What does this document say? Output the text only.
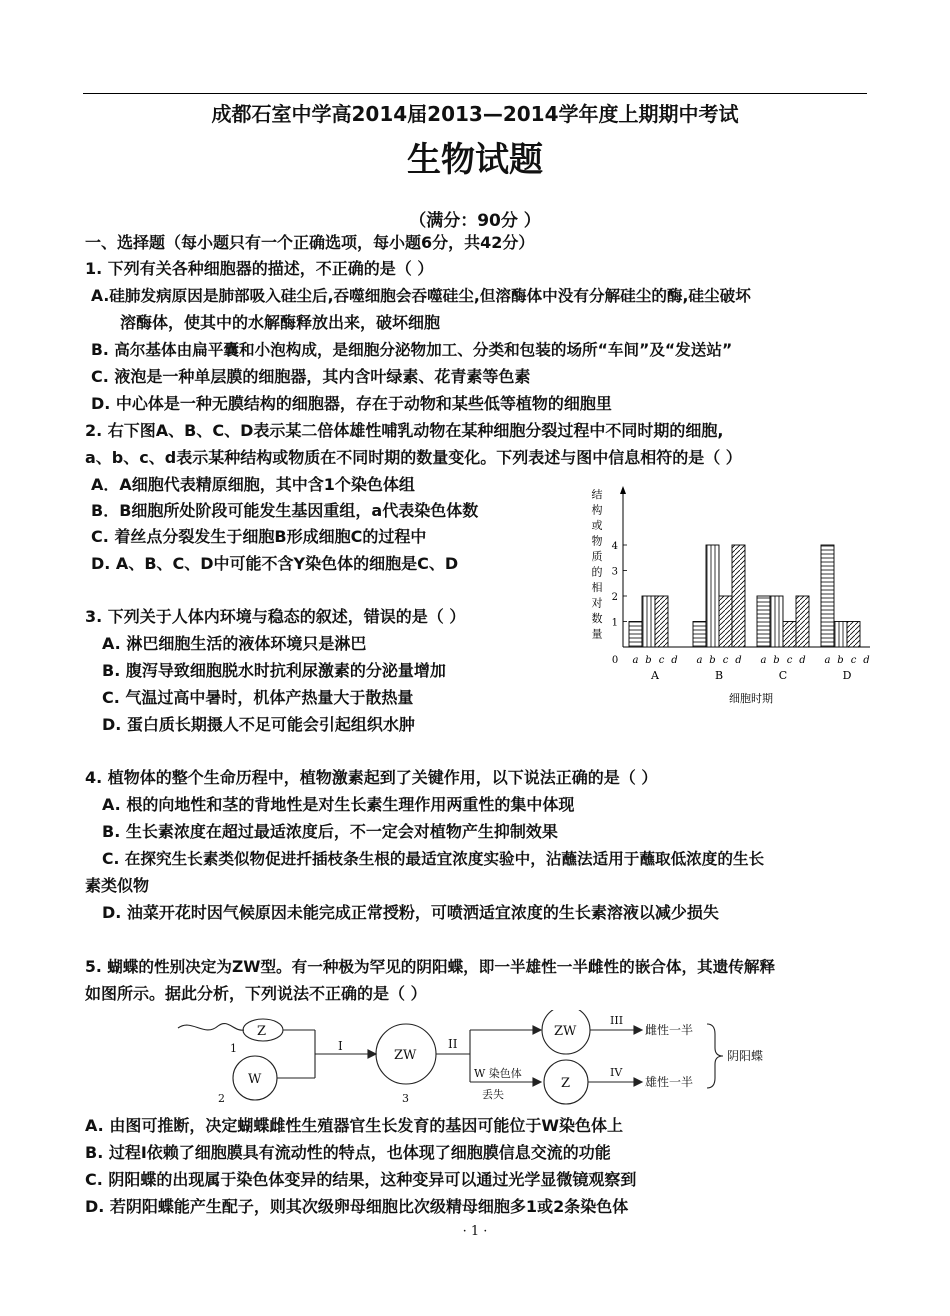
成都石室中学高2014届2013—2014学年度上期期中考试
生物试题
（满分：90分 ）
一、选择题（每小题只有一个正确选项，每小题6分，共42分）
1. 下列有关各种细胞器的描述，不正确的是（ ）
A.硅肺发病原因是肺部吸入硅尘后,吞噬细胞会吞噬硅尘,但溶酶体中没有分解硅尘的酶,硅尘破坏
溶酶体，使其中的水解酶释放出来，破坏细胞
B. 高尔基体由扁平囊和小泡构成，是细胞分泌物加工、分类和包装的场所“车间”及“发送站”
C. 液泡是一种单层膜的细胞器，其内含叶绿素、花青素等色素
D. 中心体是一种无膜结构的细胞器，存在于动物和某些低等植物的细胞里
2. 右下图A、B、C、D表示某二倍体雄性哺乳动物在某种细胞分裂过程中不同时期的细胞,
a、b、c、d表示某种结构或物质在不同时期的数量变化。下列表述与图中信息相符的是（ ）
A．A细胞代表精原细胞，其中含1个染色体组
B．B细胞所处阶段可能发生基因重组，a代表染色体数
C. 着丝点分裂发生于细胞B形成细胞C的过程中
D. A、B、C、D中可能不含Y染色体的细胞是C、D
结
构
或
物
质
的
相
对
数
量
1
2
3
4
0 a b c d
A
a b c d
B
a b c d
C
a b c d
D
细胞时期
3. 下列关于人体内环境与稳态的叙述，错误的是（ ）
A. 淋巴细胞生活的液体环境只是淋巴
B. 腹泻导致细胞脱水时抗利尿激素的分泌量增加
C. 气温过高中暑时，机体产热量大于散热量
D. 蛋白质长期摄人不足可能会引起组织水肿
4. 植物体的整个生命历程中，植物激素起到了关键作用，以下说法正确的是（ ）
A. 根的向地性和茎的背地性是对生长素生理作用两重性的集中体现
B. 生长素浓度在超过最适浓度后，不一定会对植物产生抑制效果
C. 在探究生长素类似物促进扦插枝条生根的最适宜浓度实验中，沾蘸法适用于蘸取低浓度的生长
素类似物
D. 油菜开花时因气候原因未能完成正常授粉，可喷洒适宜浓度的生长素溶液以减少损失
5. 蝴蝶的性别决定为ZW型。有一种极为罕见的阴阳蝶，即一半雄性一半雌性的嵌合体，其遗传解释
如图所示。据此分析，下列说法不正确的是（ ）
Z
W
1
2
I
ZW
3
II
ZW
III
雌性一半
W 染色体
丢失
Z
IV
雄性一半
阴阳蝶
A. 由图可推断，决定蝴蝶雌性生殖器官生长发育的基因可能位于W染色体上
B. 过程Ⅰ依赖了细胞膜具有流动性的特点，也体现了细胞膜信息交流的功能
C. 阴阳蝶的出现属于染色体变异的结果，这种变异可以通过光学显微镜观察到
D. 若阴阳蝶能产生配子，则其次级卵母细胞比次级精母细胞多1或2条染色体
· 1 ·
